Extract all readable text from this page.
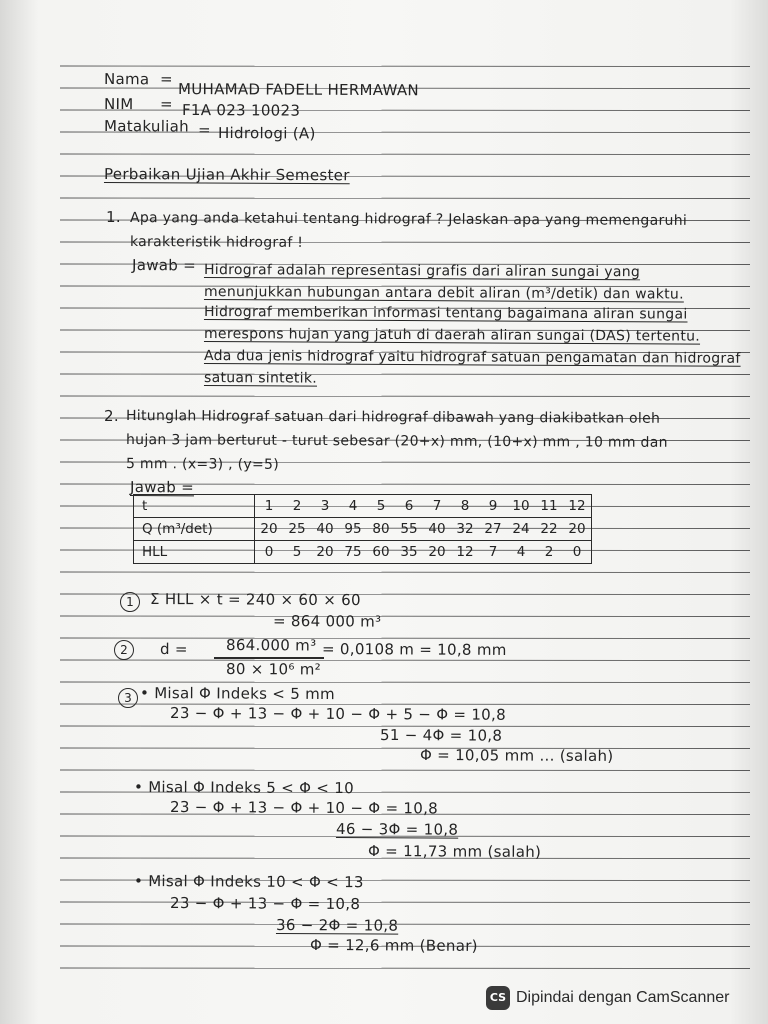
Nama =
MUHAMAD FADELL HERMAWAN
NIM = F1A 023 10023
Matakuliah = Hidrologi (A)
Perbaikan Ujian Akhir Semester
1. Apa yang anda ketahui tentang hidrograf ? Jelaskan apa yang memengaruhi
karakteristik hidrograf !
Jawab = Hidrograf adalah representasi grafis dari aliran sungai yang
menunjukkan hubungan antara debit aliran (m³/detik) dan waktu.
Hidrograf memberikan informasi tentang bagaimana aliran sungai
merespons hujan yang jatuh di daerah aliran sungai (DAS) tertentu.
Ada dua jenis hidrograf yaitu hidrograf satuan pengamatan dan hidrograf
satuan sintetik.
2. Hitunglah Hidrograf satuan dari hidrograf dibawah yang diakibatkan oleh
hujan 3 jam berturut - turut sebesar (20+x) mm, (10+x) mm , 10 mm dan
5 mm . (x=3) , (y=5)
Jawab =
t	1	2	3	4	5	6	7	8	9	10	11	12
Q (m³/det)	20	25	40	95	80	55	40	32	27	24	22	20
HLL	0	5	20	75	60	35	20	12	7	4	2	0
1	Σ HLL × t = 240 × 60 × 60
= 864 000 m³
2	d =	864.000 m³
80 × 10⁶ m²
= 0,0108 m = 10,8 mm
3 • Misal Φ Indeks < 5 mm
23 − Φ + 13 − Φ + 10 − Φ + 5 − Φ = 10,8
51 − 4Φ = 10,8
Φ = 10,05 mm ... (salah)
• Misal Φ Indeks 5 < Φ < 10
23 − Φ + 13 − Φ + 10 − Φ = 10,8
46 − 3Φ = 10,8
Φ = 11,73 mm (salah)
• Misal Φ Indeks 10 < Φ < 13
23 − Φ + 13 − Φ = 10,8
36 − 2Φ = 10,8
Φ = 12,6 mm (Benar)
CS Dipindai dengan CamScanner
